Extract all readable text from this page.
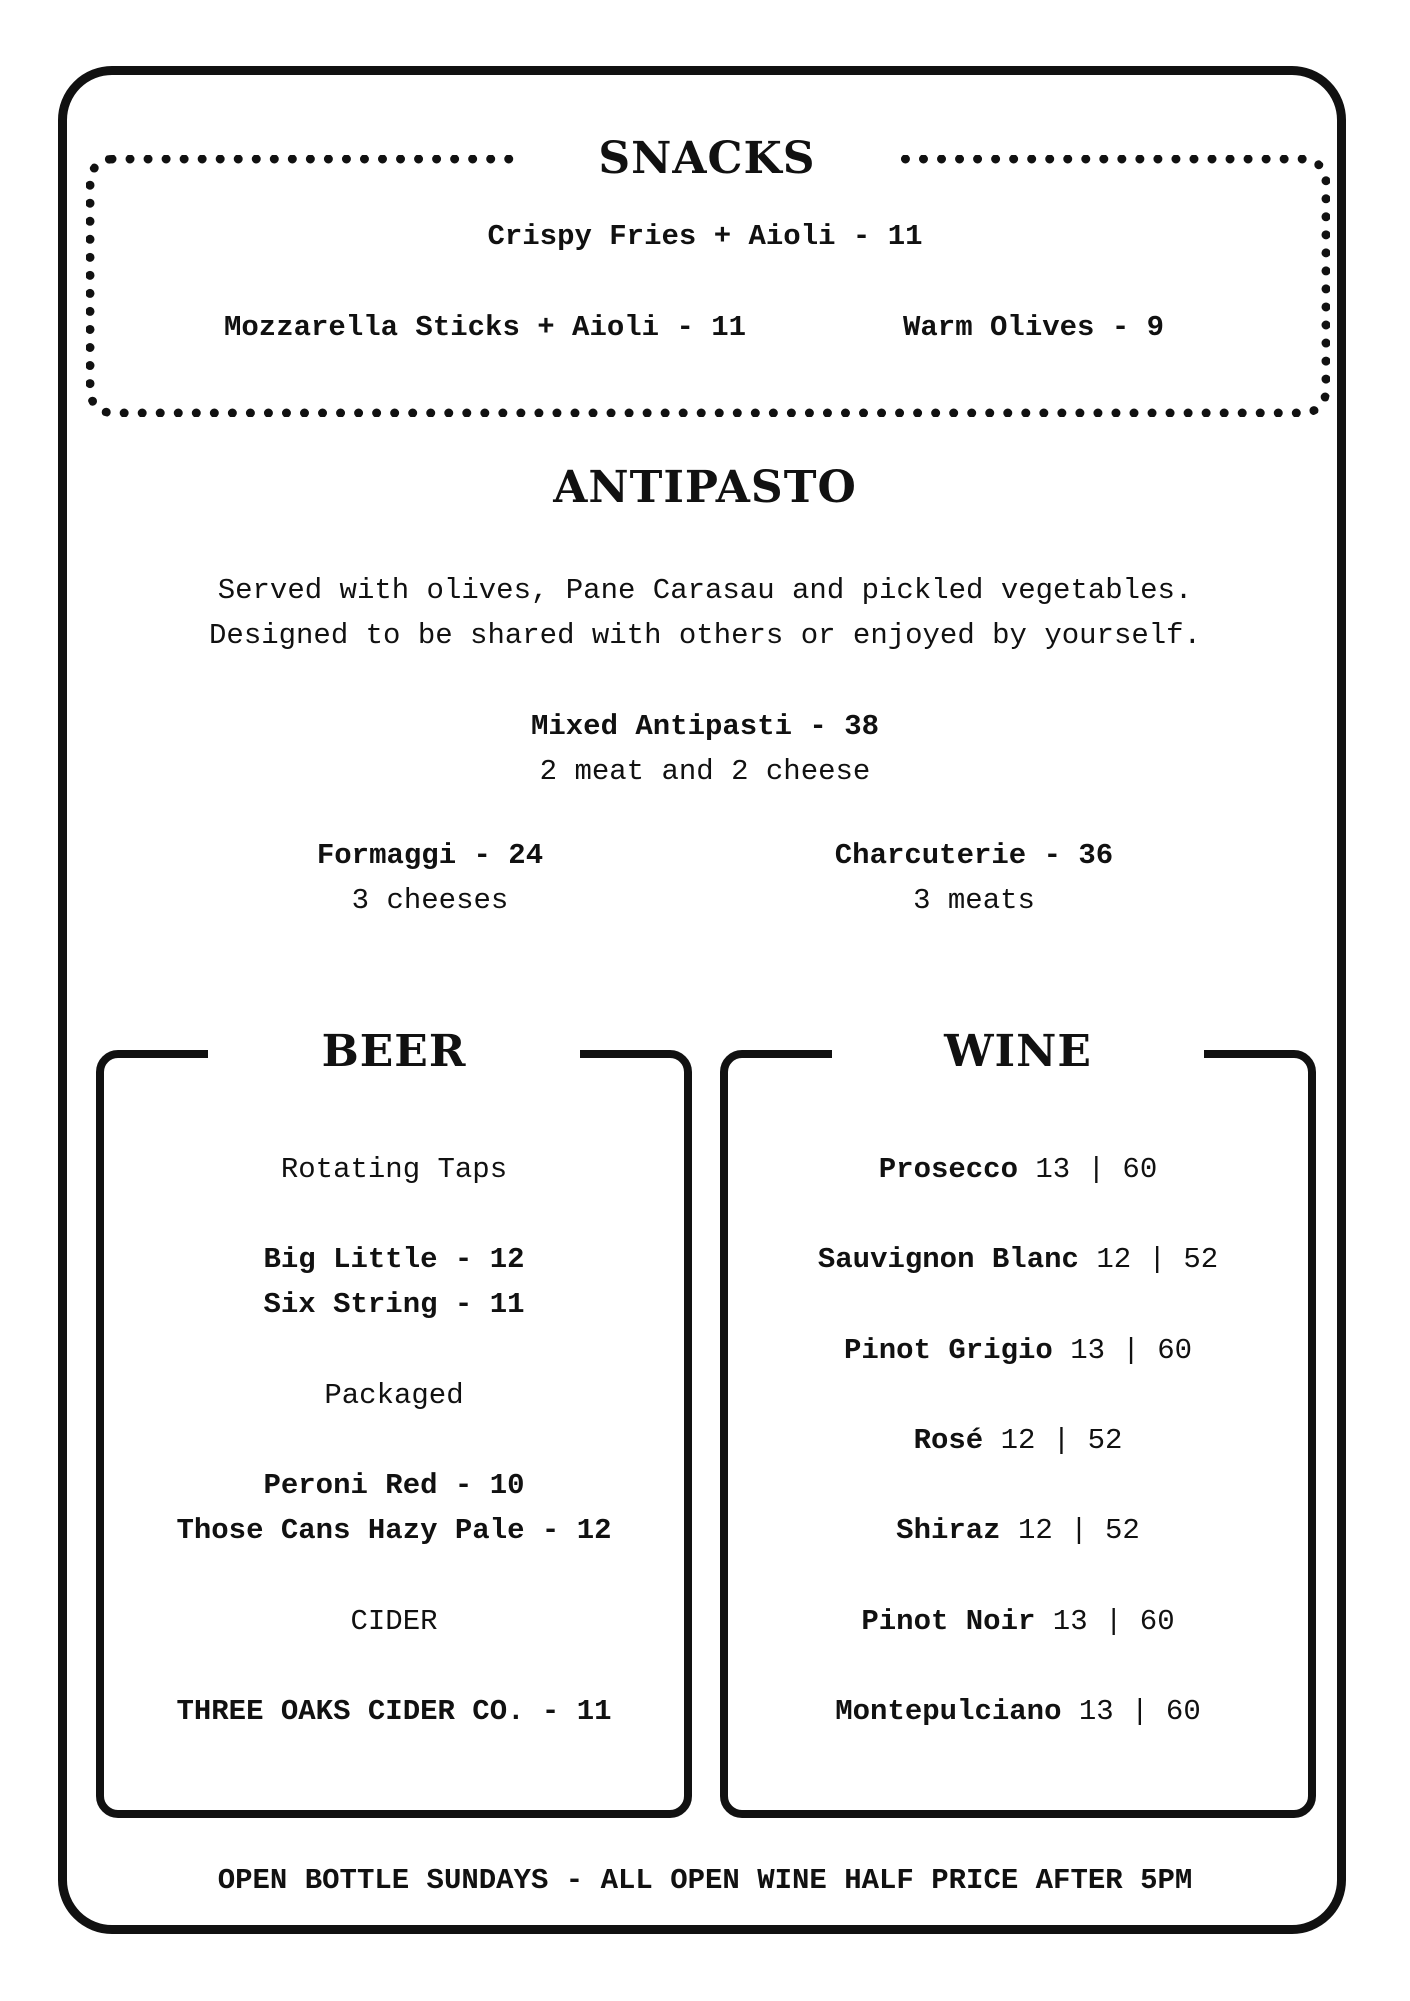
SNACKS

Crispy Fries + Aioli - 11

Mozzarella Sticks + Aioli - 11	Warm Olives - 9

ANTIPASTO

Served with olives, Pane Carasau and pickled vegetables.

Designed to be shared with others or enjoyed by yourself.

Mixed Antipasti - 38

2 meat and 2 cheese

Formaggi - 24

3 cheeses

Charcuterie - 36

3 meats

BEER

Rotating Taps

Big Little - 12

Six String - 11

Packaged

Peroni Red - 10

Those Cans Hazy Pale - 12

CIDER

THREE OAKS CIDER CO. - 11

WINE

Prosecco 13 | 60

Sauvignon Blanc 12 | 52

Pinot Grigio 13 | 60

Rosé 12 | 52

Shiraz 12 | 52

Pinot Noir 13 | 60

Montepulciano 13 | 60

OPEN BOTTLE SUNDAYS - ALL OPEN WINE HALF PRICE AFTER 5PM
